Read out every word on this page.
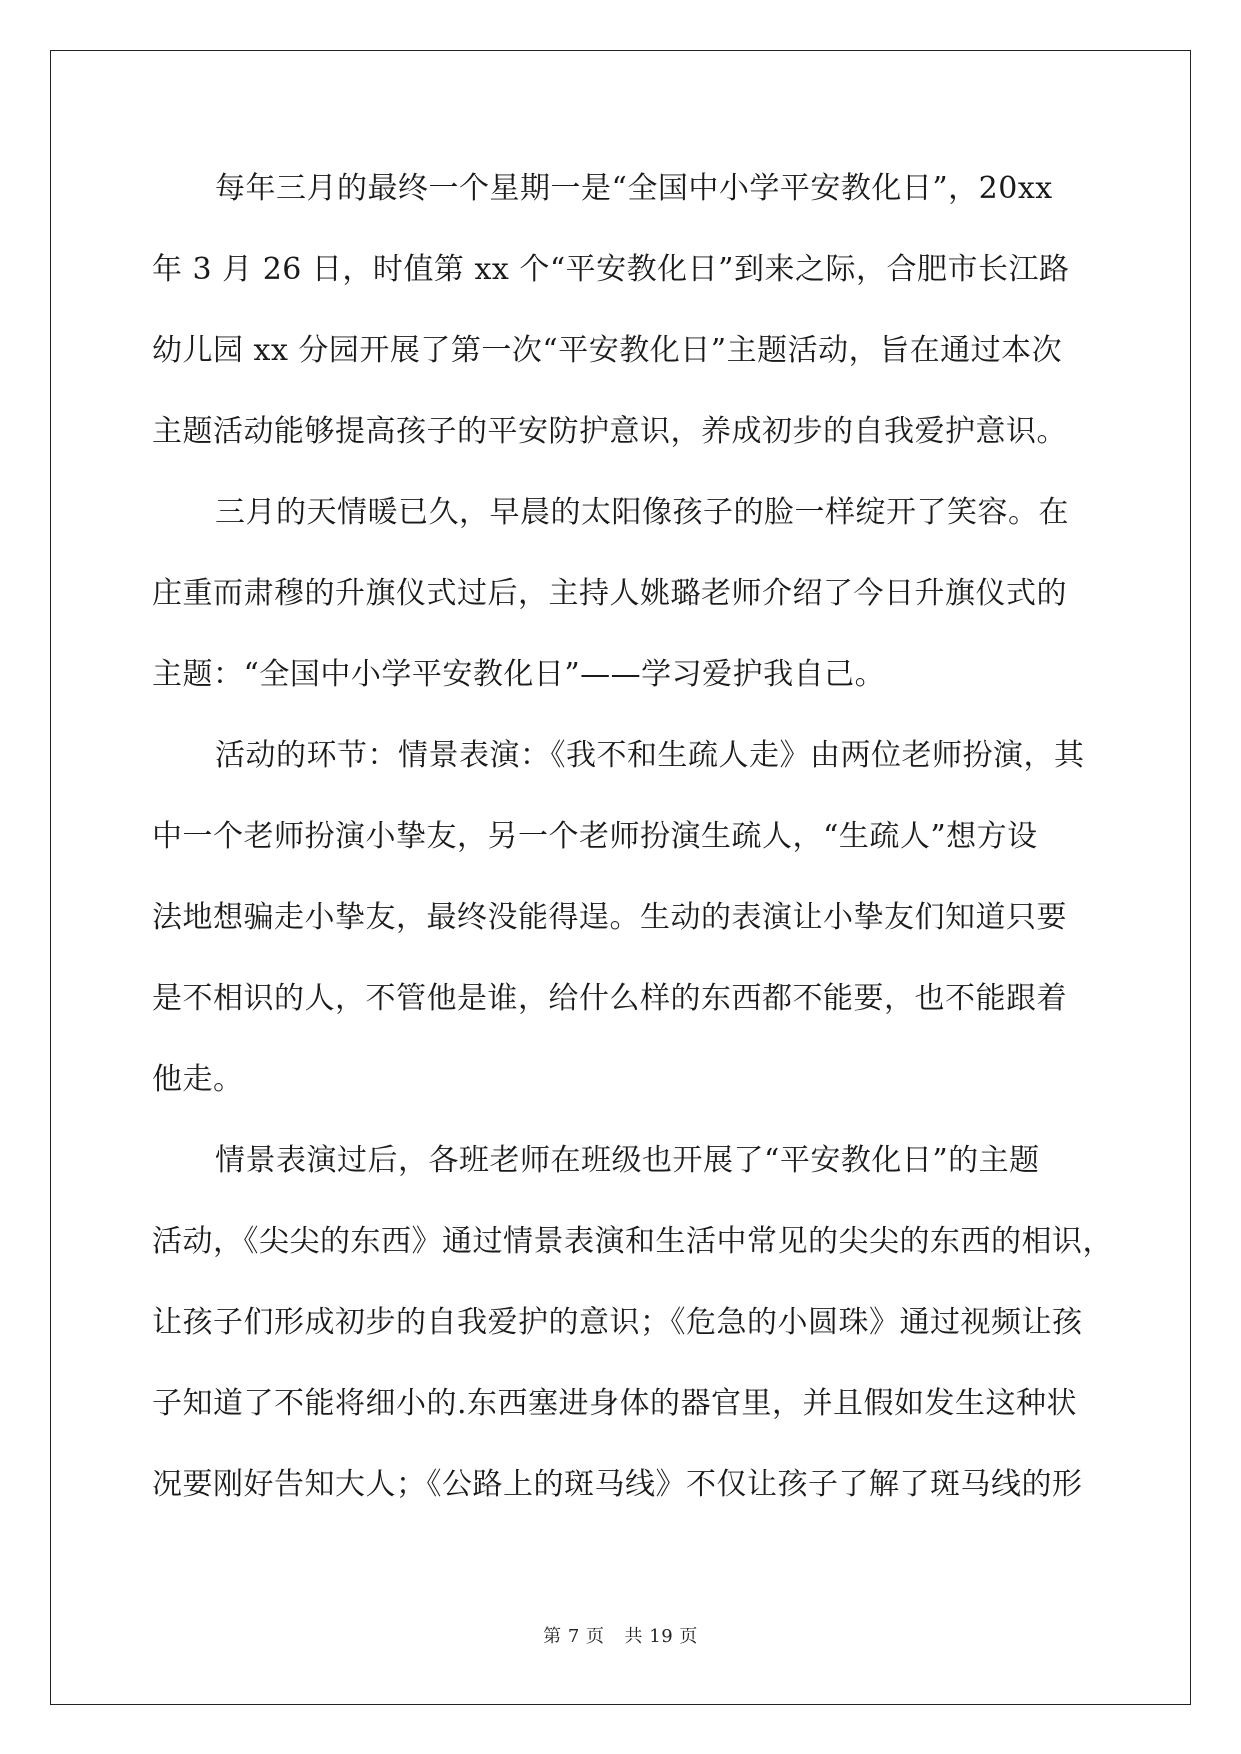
每年三月的最终一个星期一是“全国中小学平安教化日”，20xx
年 3 月 26 日，时值第 xx 个“平安教化日”到来之际，合肥市长江路
幼儿园 xx 分园开展了第一次“平安教化日”主题活动，旨在通过本次
主题活动能够提高孩子的平安防护意识，养成初步的自我爱护意识。
三月的天情暖已久，早晨的太阳像孩子的脸一样绽开了笑容。在
庄重而肃穆的升旗仪式过后，主持人姚璐老师介绍了今日升旗仪式的
主题：“全国中小学平安教化日”——学习爱护我自己。
活动的环节：情景表演：《我不和生疏人走》由两位老师扮演，其
中一个老师扮演小挚友，另一个老师扮演生疏人，“生疏人”想方设
法地想骗走小挚友，最终没能得逞。生动的表演让小挚友们知道只要
是不相识的人，不管他是谁，给什么样的东西都不能要，也不能跟着
他走。
情景表演过后，各班老师在班级也开展了“平安教化日”的主题
活动，《尖尖的东西》通过情景表演和生活中常见的尖尖的东西的相识，
让孩子们形成初步的自我爱护的意识；《危急的小圆珠》通过视频让孩
子知道了不能将细小的.东西塞进身体的器官里，并且假如发生这种状
况要刚好告知大人；《公路上的斑马线》不仅让孩子了解了斑马线的形
第 7 页 共 19 页
